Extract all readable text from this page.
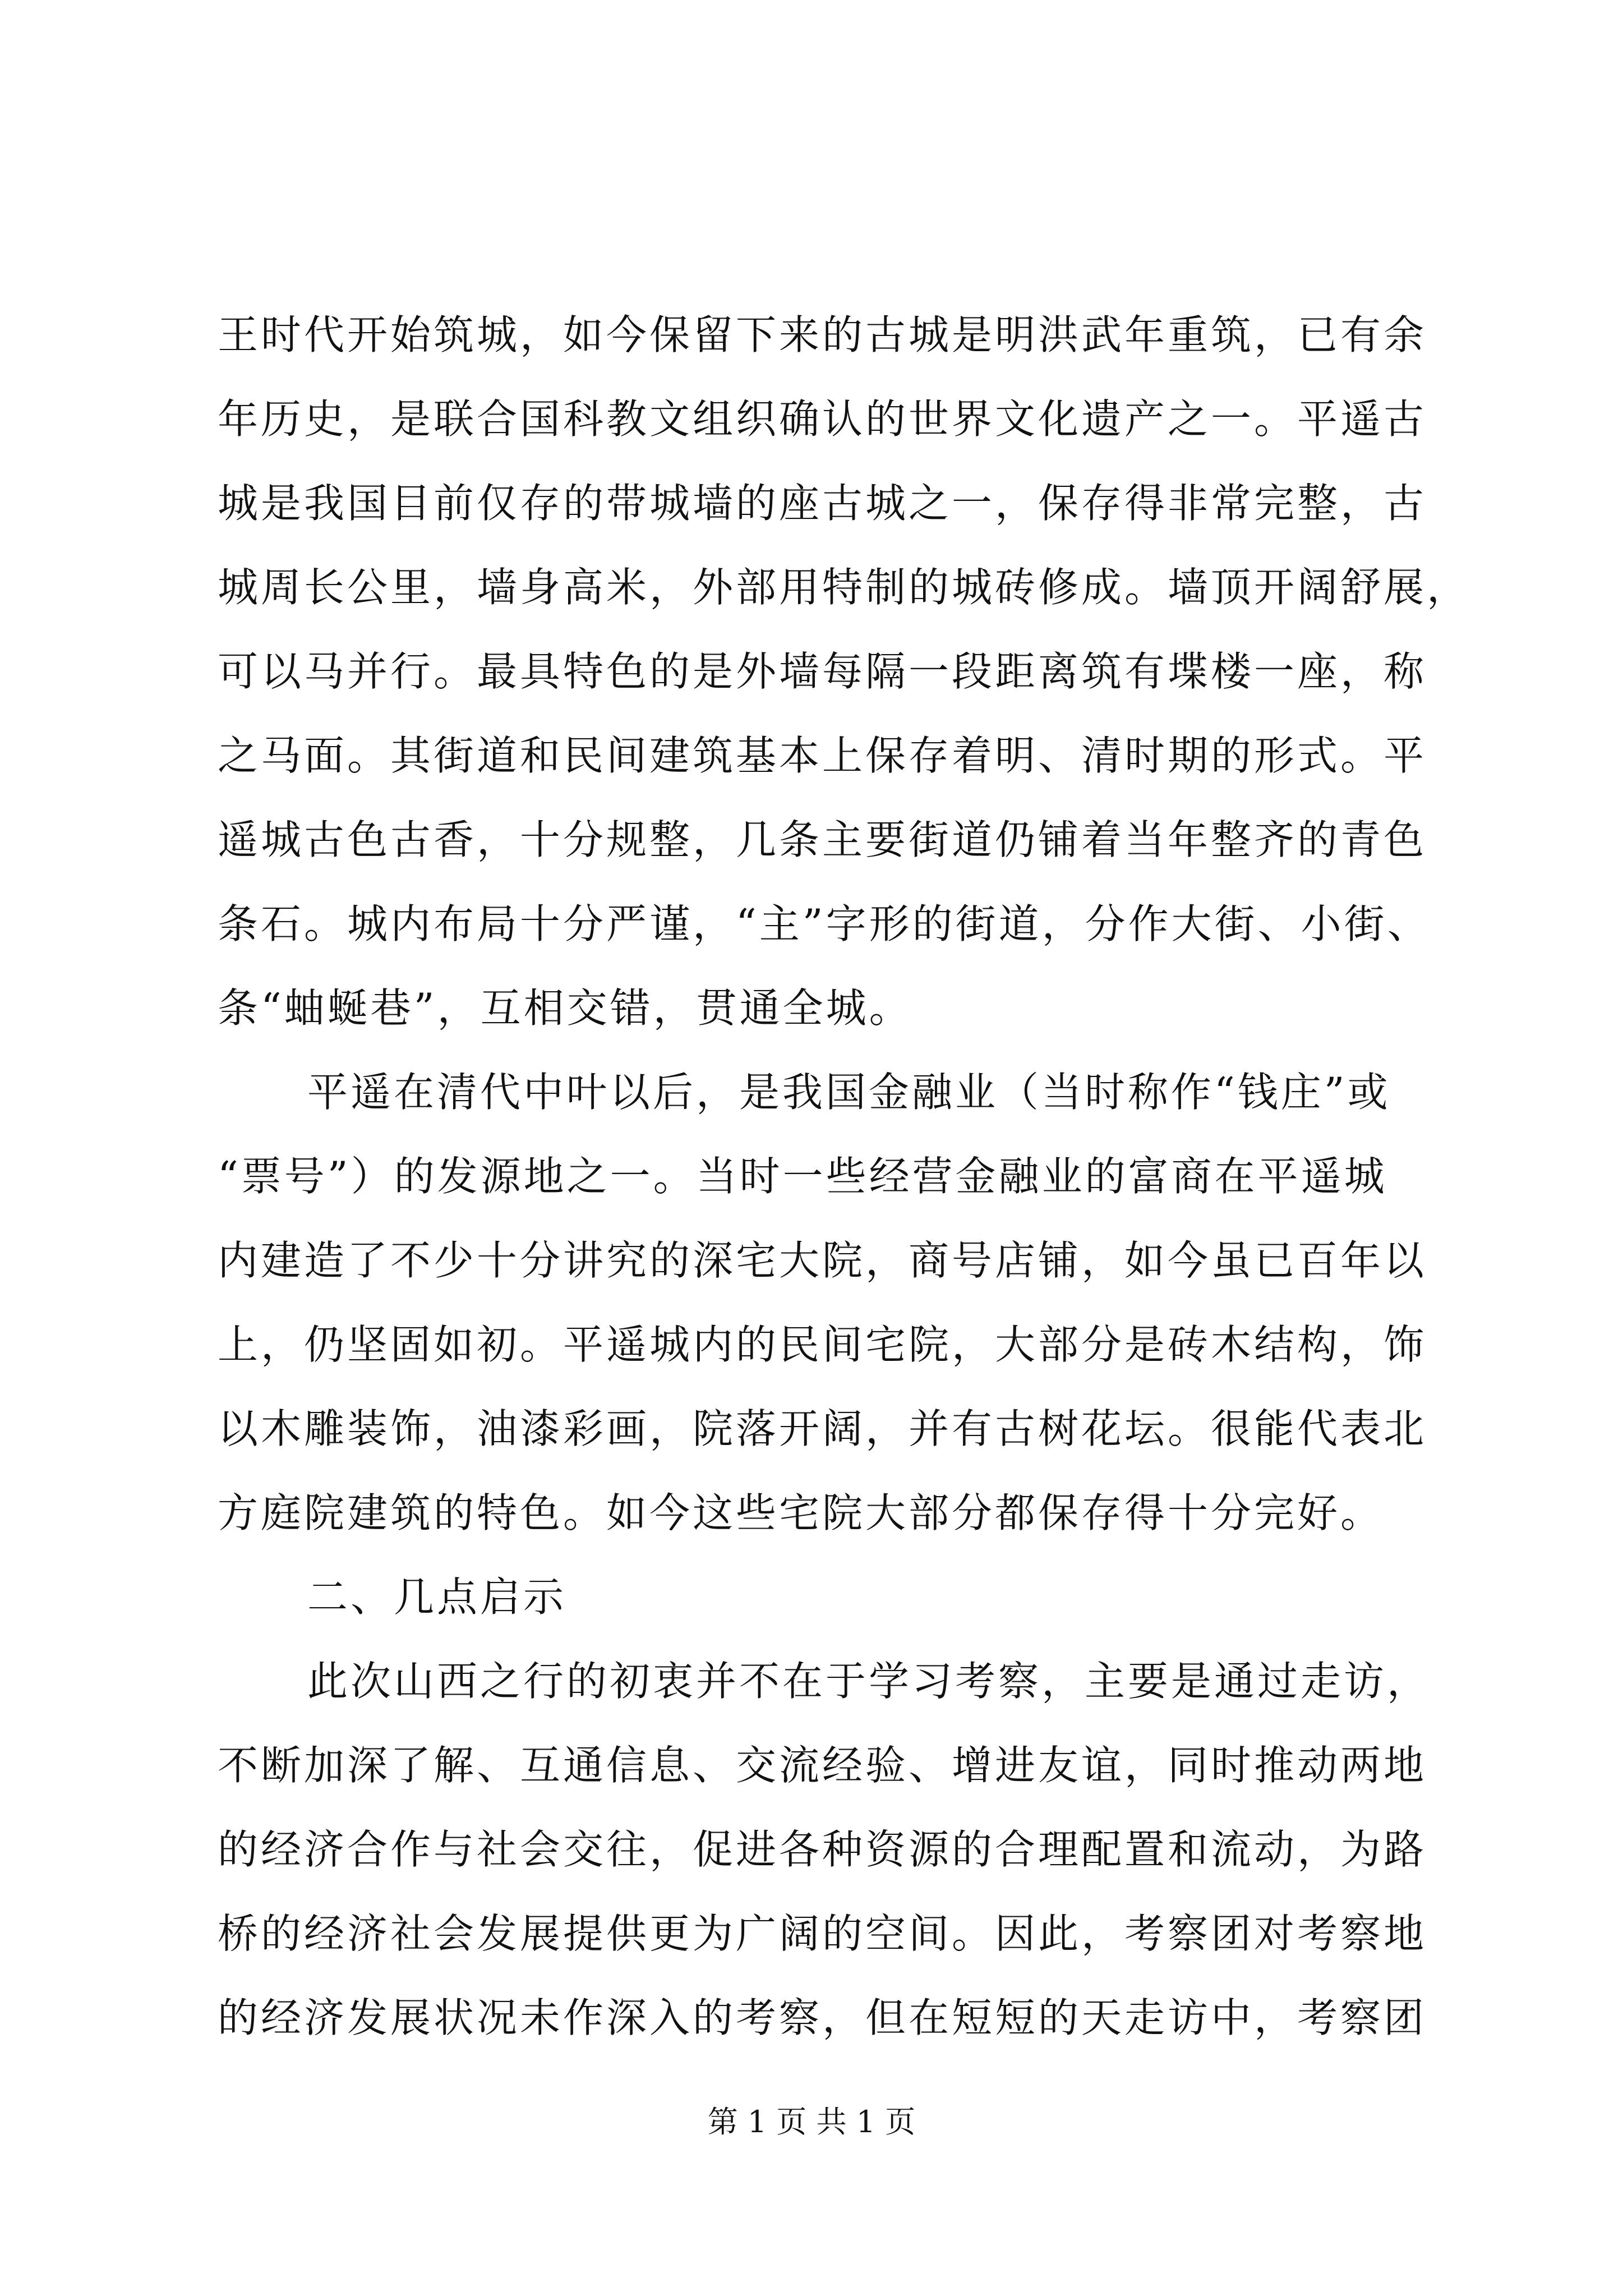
王时代开始筑城，如今保留下来的古城是明洪武年重筑，已有余
年历史，是联合国科教文组织确认的世界文化遗产之一。平遥古
城是我国目前仅存的带城墙的座古城之一，保存得非常完整，古
城周长公里，墙身高米，外部用特制的城砖修成。墙顶开阔舒展，
可以马并行。最具特色的是外墙每隔一段距离筑有堞楼一座，称
之马面。其街道和民间建筑基本上保存着明、清时期的形式。平
遥城古色古香，十分规整，几条主要街道仍铺着当年整齐的青色
条石。城内布局十分严谨，“主”字形的街道，分作大街、小街、
条“蚰蜒巷”，互相交错，贯通全城。
平遥在清代中叶以后，是我国金融业（当时称作“钱庄”或
“票号”）的发源地之一。当时一些经营金融业的富商在平遥城
内建造了不少十分讲究的深宅大院，商号店铺，如今虽已百年以
上，仍坚固如初。平遥城内的民间宅院，大部分是砖木结构，饰
以木雕装饰，油漆彩画，院落开阔，并有古树花坛。很能代表北
方庭院建筑的特色。如今这些宅院大部分都保存得十分完好。
二、几点启示
此次山西之行的初衷并不在于学习考察，主要是通过走访，
不断加深了解、互通信息、交流经验、增进友谊，同时推动两地
的经济合作与社会交往，促进各种资源的合理配置和流动，为路
桥的经济社会发展提供更为广阔的空间。因此，考察团对考察地
的经济发展状况未作深入的考察，但在短短的天走访中，考察团
第 1 页 共 1 页
